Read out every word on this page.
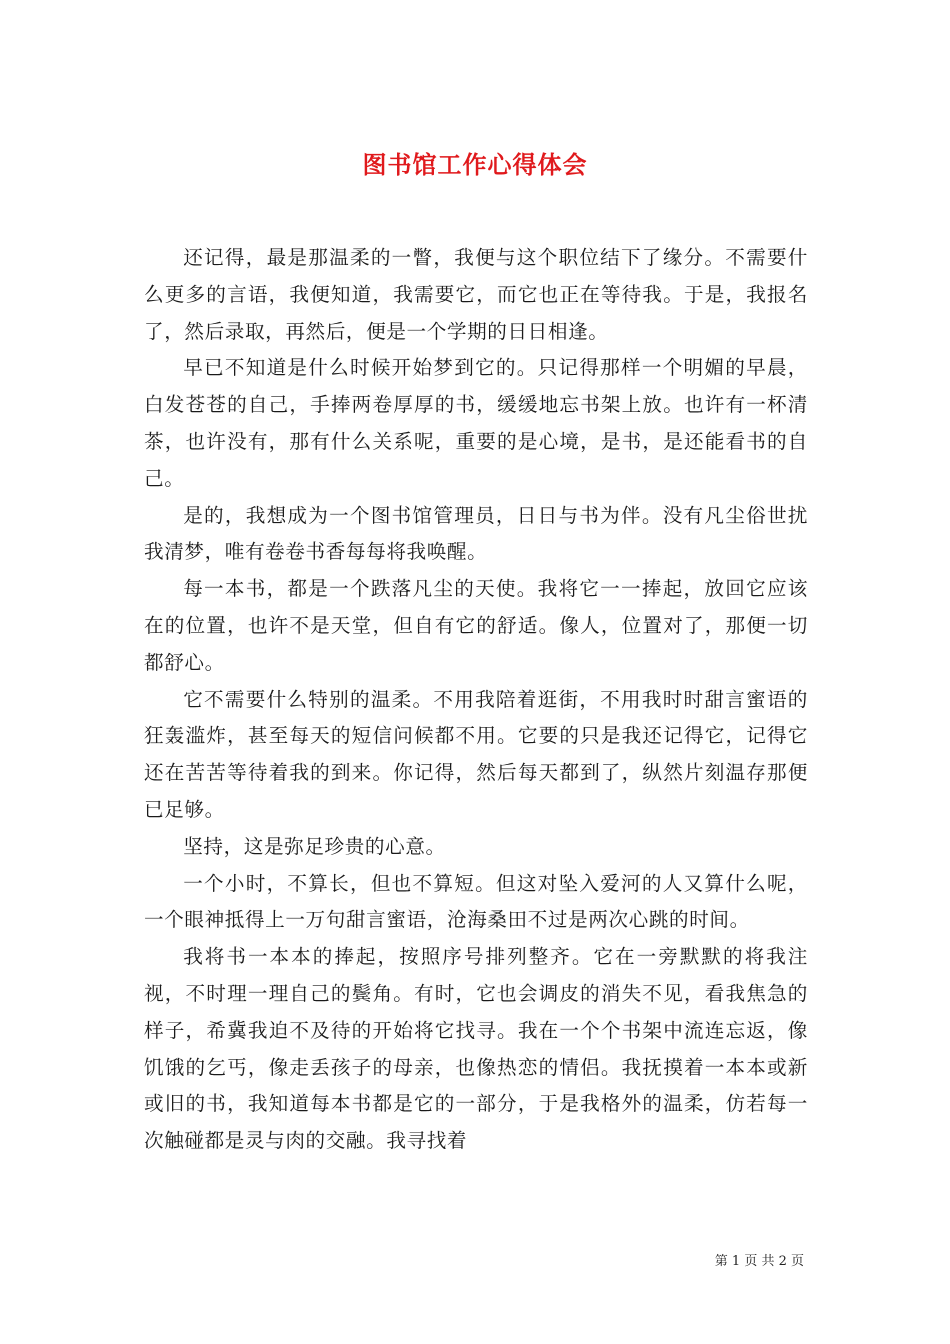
图书馆工作心得体会

还记得，最是那温柔的一瞥，我便与这个职位结下了缘分。不需要什么更多的言语，我便知道，我需要它，而它也正在等待我。于是，我报名了，然后录取，再然后，便是一个学期的日日相逢。

早已不知道是什么时候开始梦到它的。只记得那样一个明媚的早晨，白发苍苍的自己，手捧两卷厚厚的书，缓缓地忘书架上放。也许有一杯清茶，也许没有，那有什么关系呢，重要的是心境，是书，是还能看书的自己。

是的，我想成为一个图书馆管理员，日日与书为伴。没有凡尘俗世扰我清梦，唯有卷卷书香每每将我唤醒。

每一本书，都是一个跌落凡尘的天使。我将它一一捧起，放回它应该在的位置，也许不是天堂，但自有它的舒适。像人，位置对了，那便一切都舒心。

它不需要什么特别的温柔。不用我陪着逛街，不用我时时甜言蜜语的狂轰滥炸，甚至每天的短信问候都不用。它要的只是我还记得它，记得它还在苦苦等待着我的到来。你记得，然后每天都到了，纵然片刻温存那便已足够。

坚持，这是弥足珍贵的心意。

一个小时，不算长，但也不算短。但这对坠入爱河的人又算什么呢，一个眼神抵得上一万句甜言蜜语，沧海桑田不过是两次心跳的时间。

我将书一本本的捧起，按照序号排列整齐。它在一旁默默的将我注视，不时理一理自己的鬓角。有时，它也会调皮的消失不见，看我焦急的样子，希冀我迫不及待的开始将它找寻。我在一个个书架中流连忘返，像饥饿的乞丐，像走丢孩子的母亲，也像热恋的情侣。我抚摸着一本本或新或旧的书，我知道每本书都是它的一部分，于是我格外的温柔，仿若每一次触碰都是灵与肉的交融。我寻找着

第 1 页 共 2 页
